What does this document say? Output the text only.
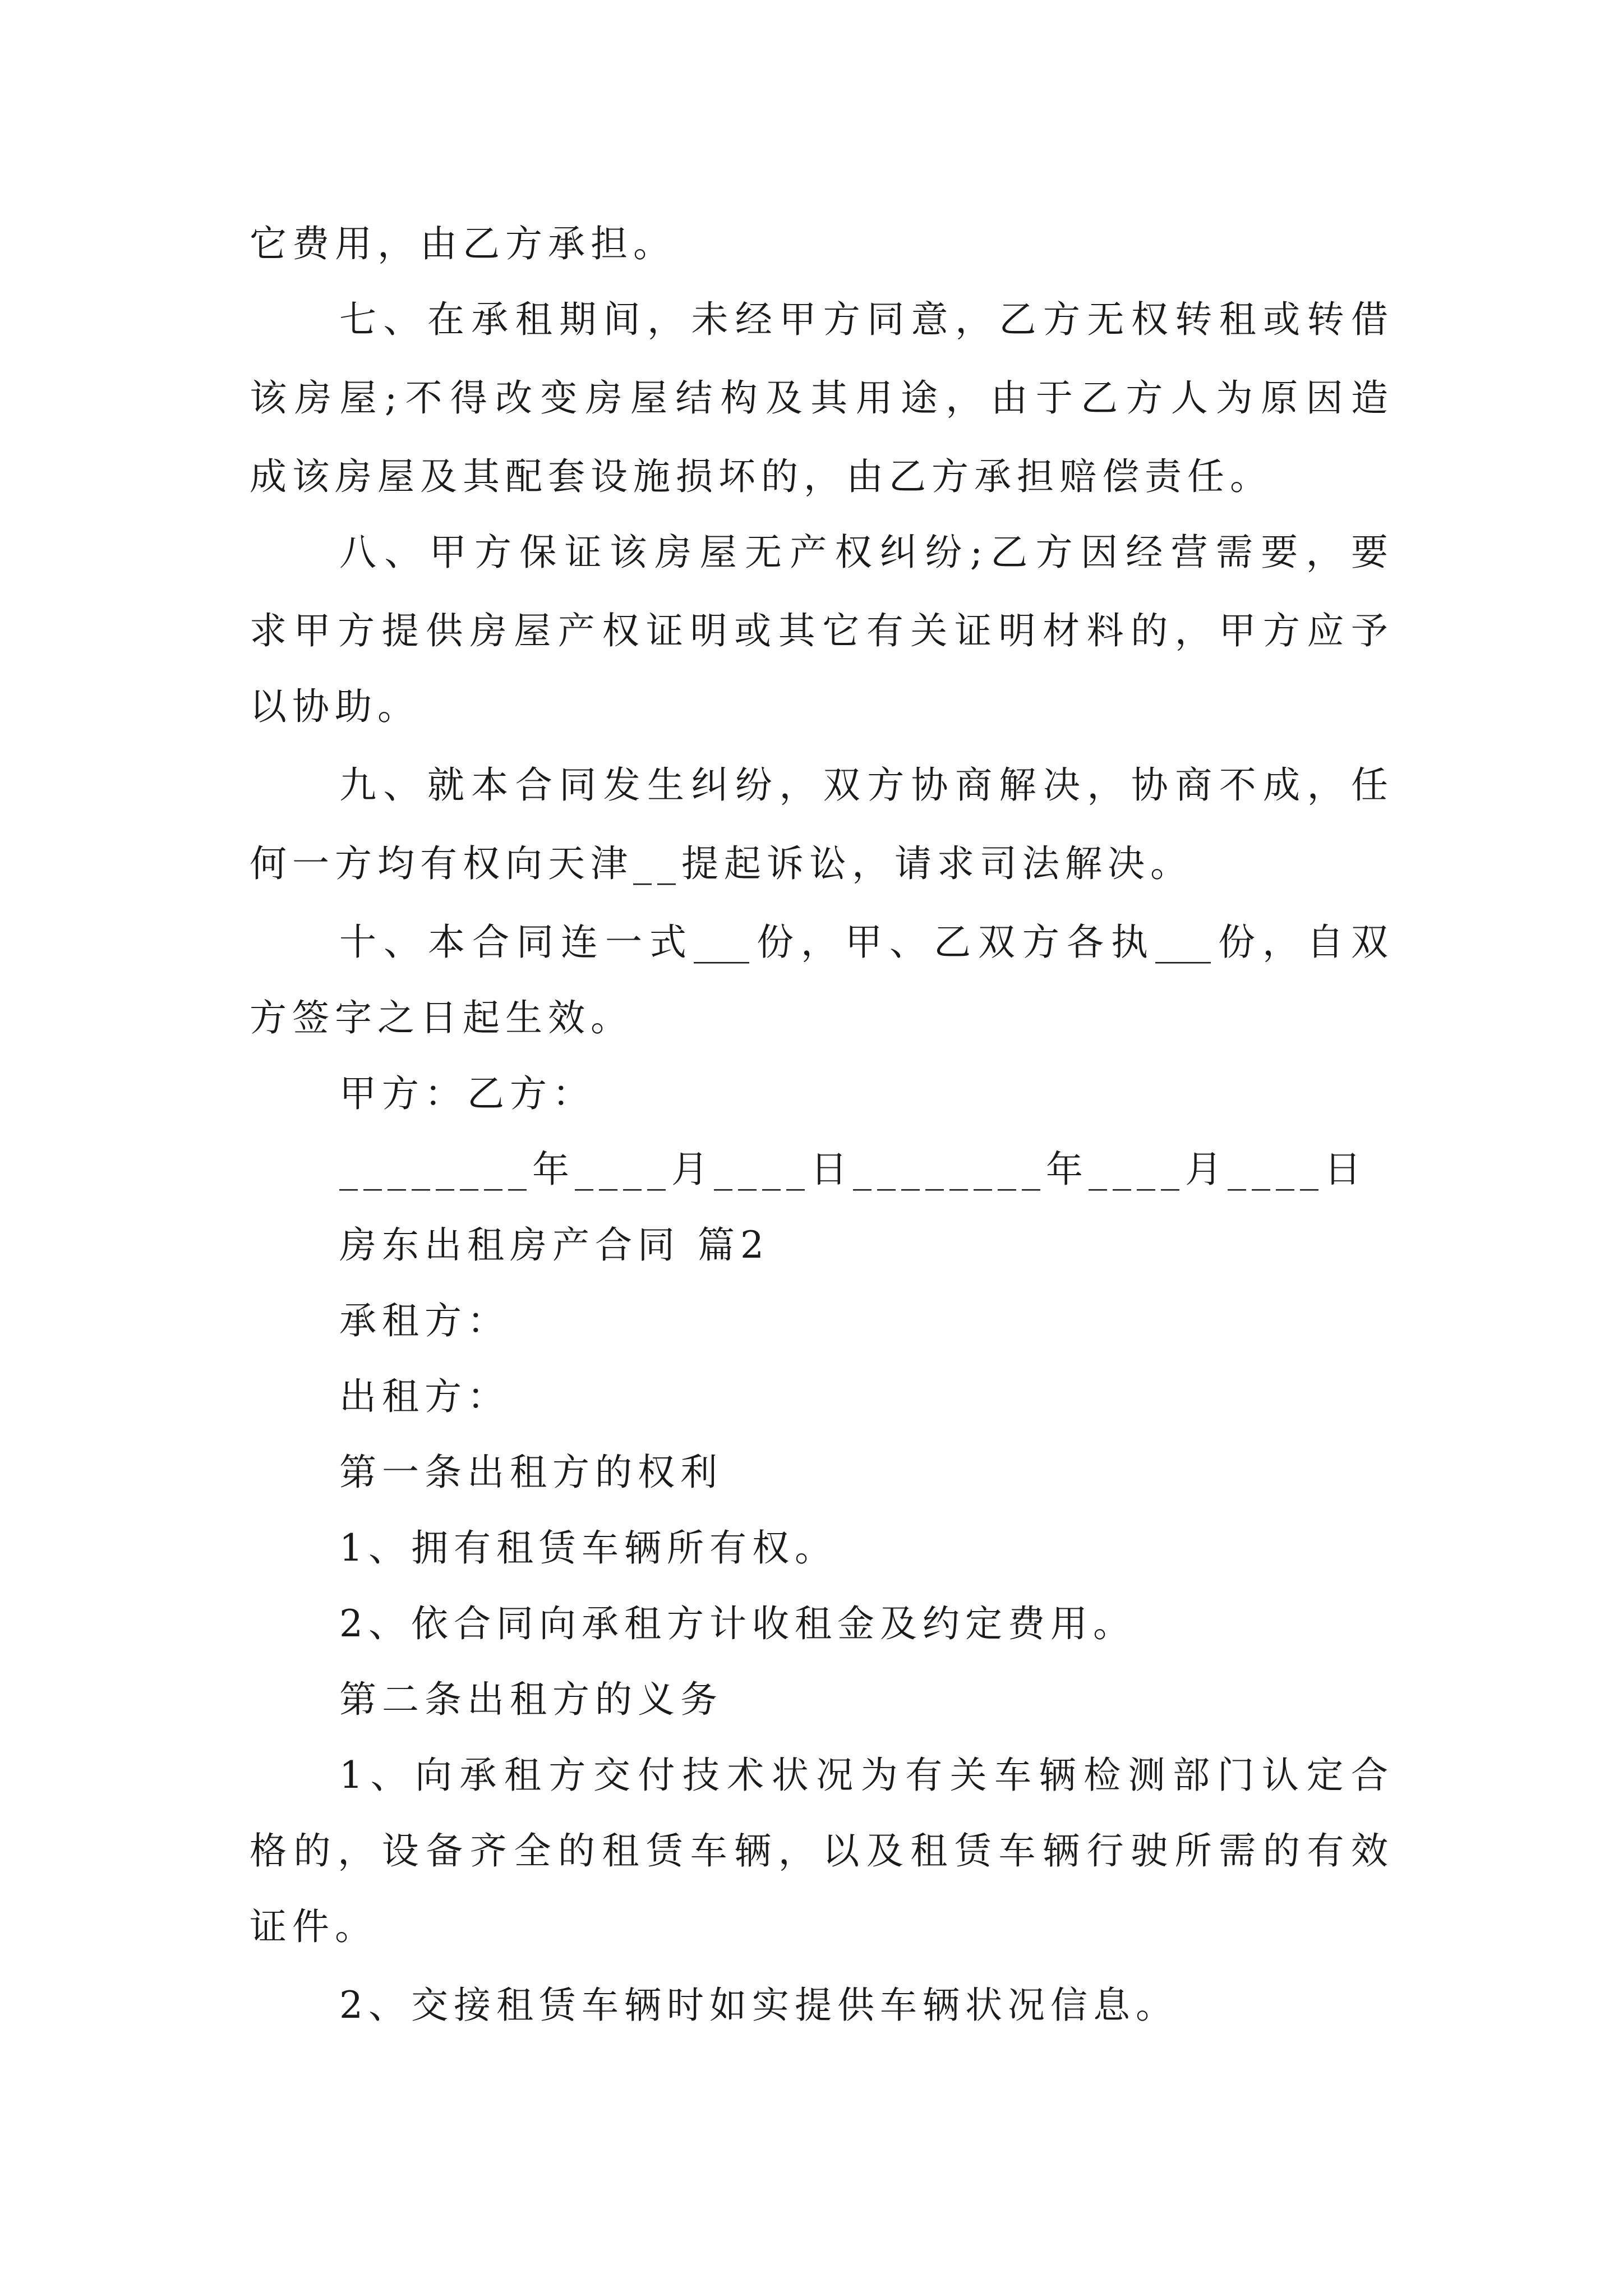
它费用，由乙方承担。
七、在承租期间，未经甲方同意，乙方无权转租或转借
该房屋;不得改变房屋结构及其用途，由于乙方人为原因造
成该房屋及其配套设施损坏的，由乙方承担赔偿责任。
八、甲方保证该房屋无产权纠纷;乙方因经营需要，要
求甲方提供房屋产权证明或其它有关证明材料的，甲方应予
以协助。
九、就本合同发生纠纷，双方协商解决，协商不成，任
何一方均有权向天津__提起诉讼，请求司法解决。
十、本合同连一式___份，甲、乙双方各执___份，自双
方签字之日起生效。
甲方：乙方：
________年____月____日________年____月____日
房东出租房产合同 篇2
承租方：
出租方：
第一条出租方的权利
1、拥有租赁车辆所有权。
2、依合同向承租方计收租金及约定费用。
第二条出租方的义务
1、向承租方交付技术状况为有关车辆检测部门认定合
格的，设备齐全的租赁车辆，以及租赁车辆行驶所需的有效
证件。
2、交接租赁车辆时如实提供车辆状况信息。
